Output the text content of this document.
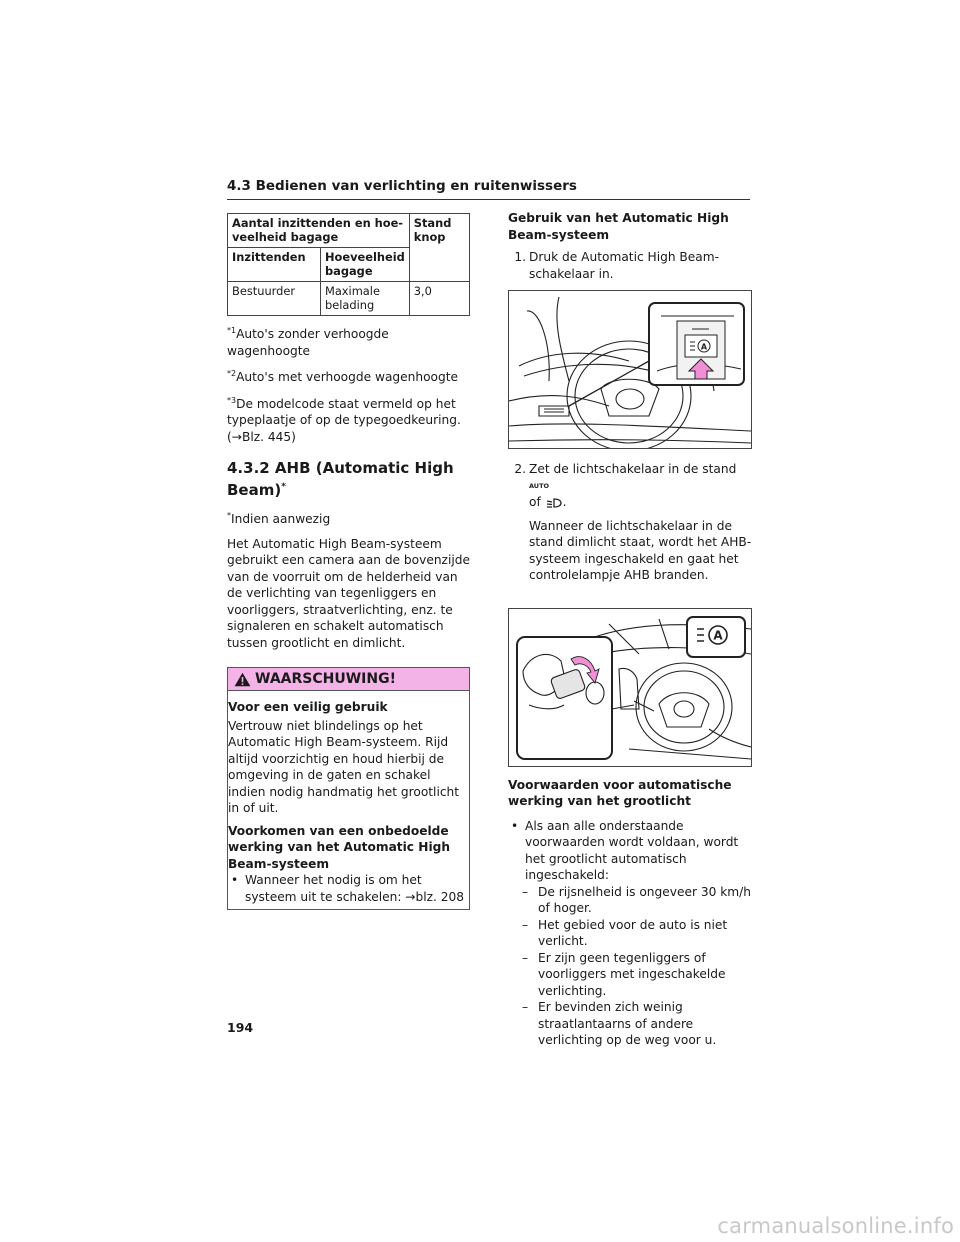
4.3 Bedienen van verlichting en ruitenwissers
Aantal inzittenden en hoe-veelheid bagage		Stand knop
Inzittenden	Hoeveelheid bagage	
Bestuurder	Maximale belading	3,0
$^{*1}$Auto's zonder verhoogde wagenhoogte
$^{*2}$Auto's met verhoogde wagenhoogte
$^{*3}$De modelcode staat vermeld op het typeplaatje of op de typegoedkeuring. (→Blz. 445)
4.3.2 AHB (Automatic High Beam)*
*Indien aanwezig

Het Automatic High Beam-systeem gebruikt een camera aan de bovenzijde van de voorruit om de helderheid van de verlichting van tegenliggers en voorliggers, straatverlichting, enz. te signaleren en schakelt automatisch tussen grootlicht en dimlicht.

WAARSCHUWING!

Voor een veilig gebruik

Vertrouw niet blindelings op het Automatic High Beam-systeem. Rijd altijd voorzichtig en houd hierbij de omgeving in de gaten en schakel indien nodig handmatig het grootlicht in of uit.

Voorkomen van een onbedoelde werking van het Automatic High Beam-systeem

• Wanneer het nodig is om het systeem uit te schakelen: →blz. 208

Gebruik van het Automatic High Beam-systeem

1. Druk de Automatic High Beam-schakelaar in.
A
2. Zet de lichtschakelaar in de stand
AUTO

of .
Wanneer de lichtschakelaar in de stand dimlicht staat, wordt het AHB-systeem ingeschakeld en gaat het controlelampje AHB branden.
A

Voorwaarden voor automatische werking van het grootlicht

• Als aan alle onderstaande voorwaarden wordt voldaan, wordt het grootlicht automatisch ingeschakeld:
– De rijsnelheid is ongeveer 30 km/h of hoger.
– Het gebied voor de auto is niet verlicht.
– Er zijn geen tegenliggers of voorliggers met ingeschakelde verlichting.
– Er bevinden zich weinig straatlantaarns of andere verlichting op de weg voor u.
194
carmanualsonline.info
